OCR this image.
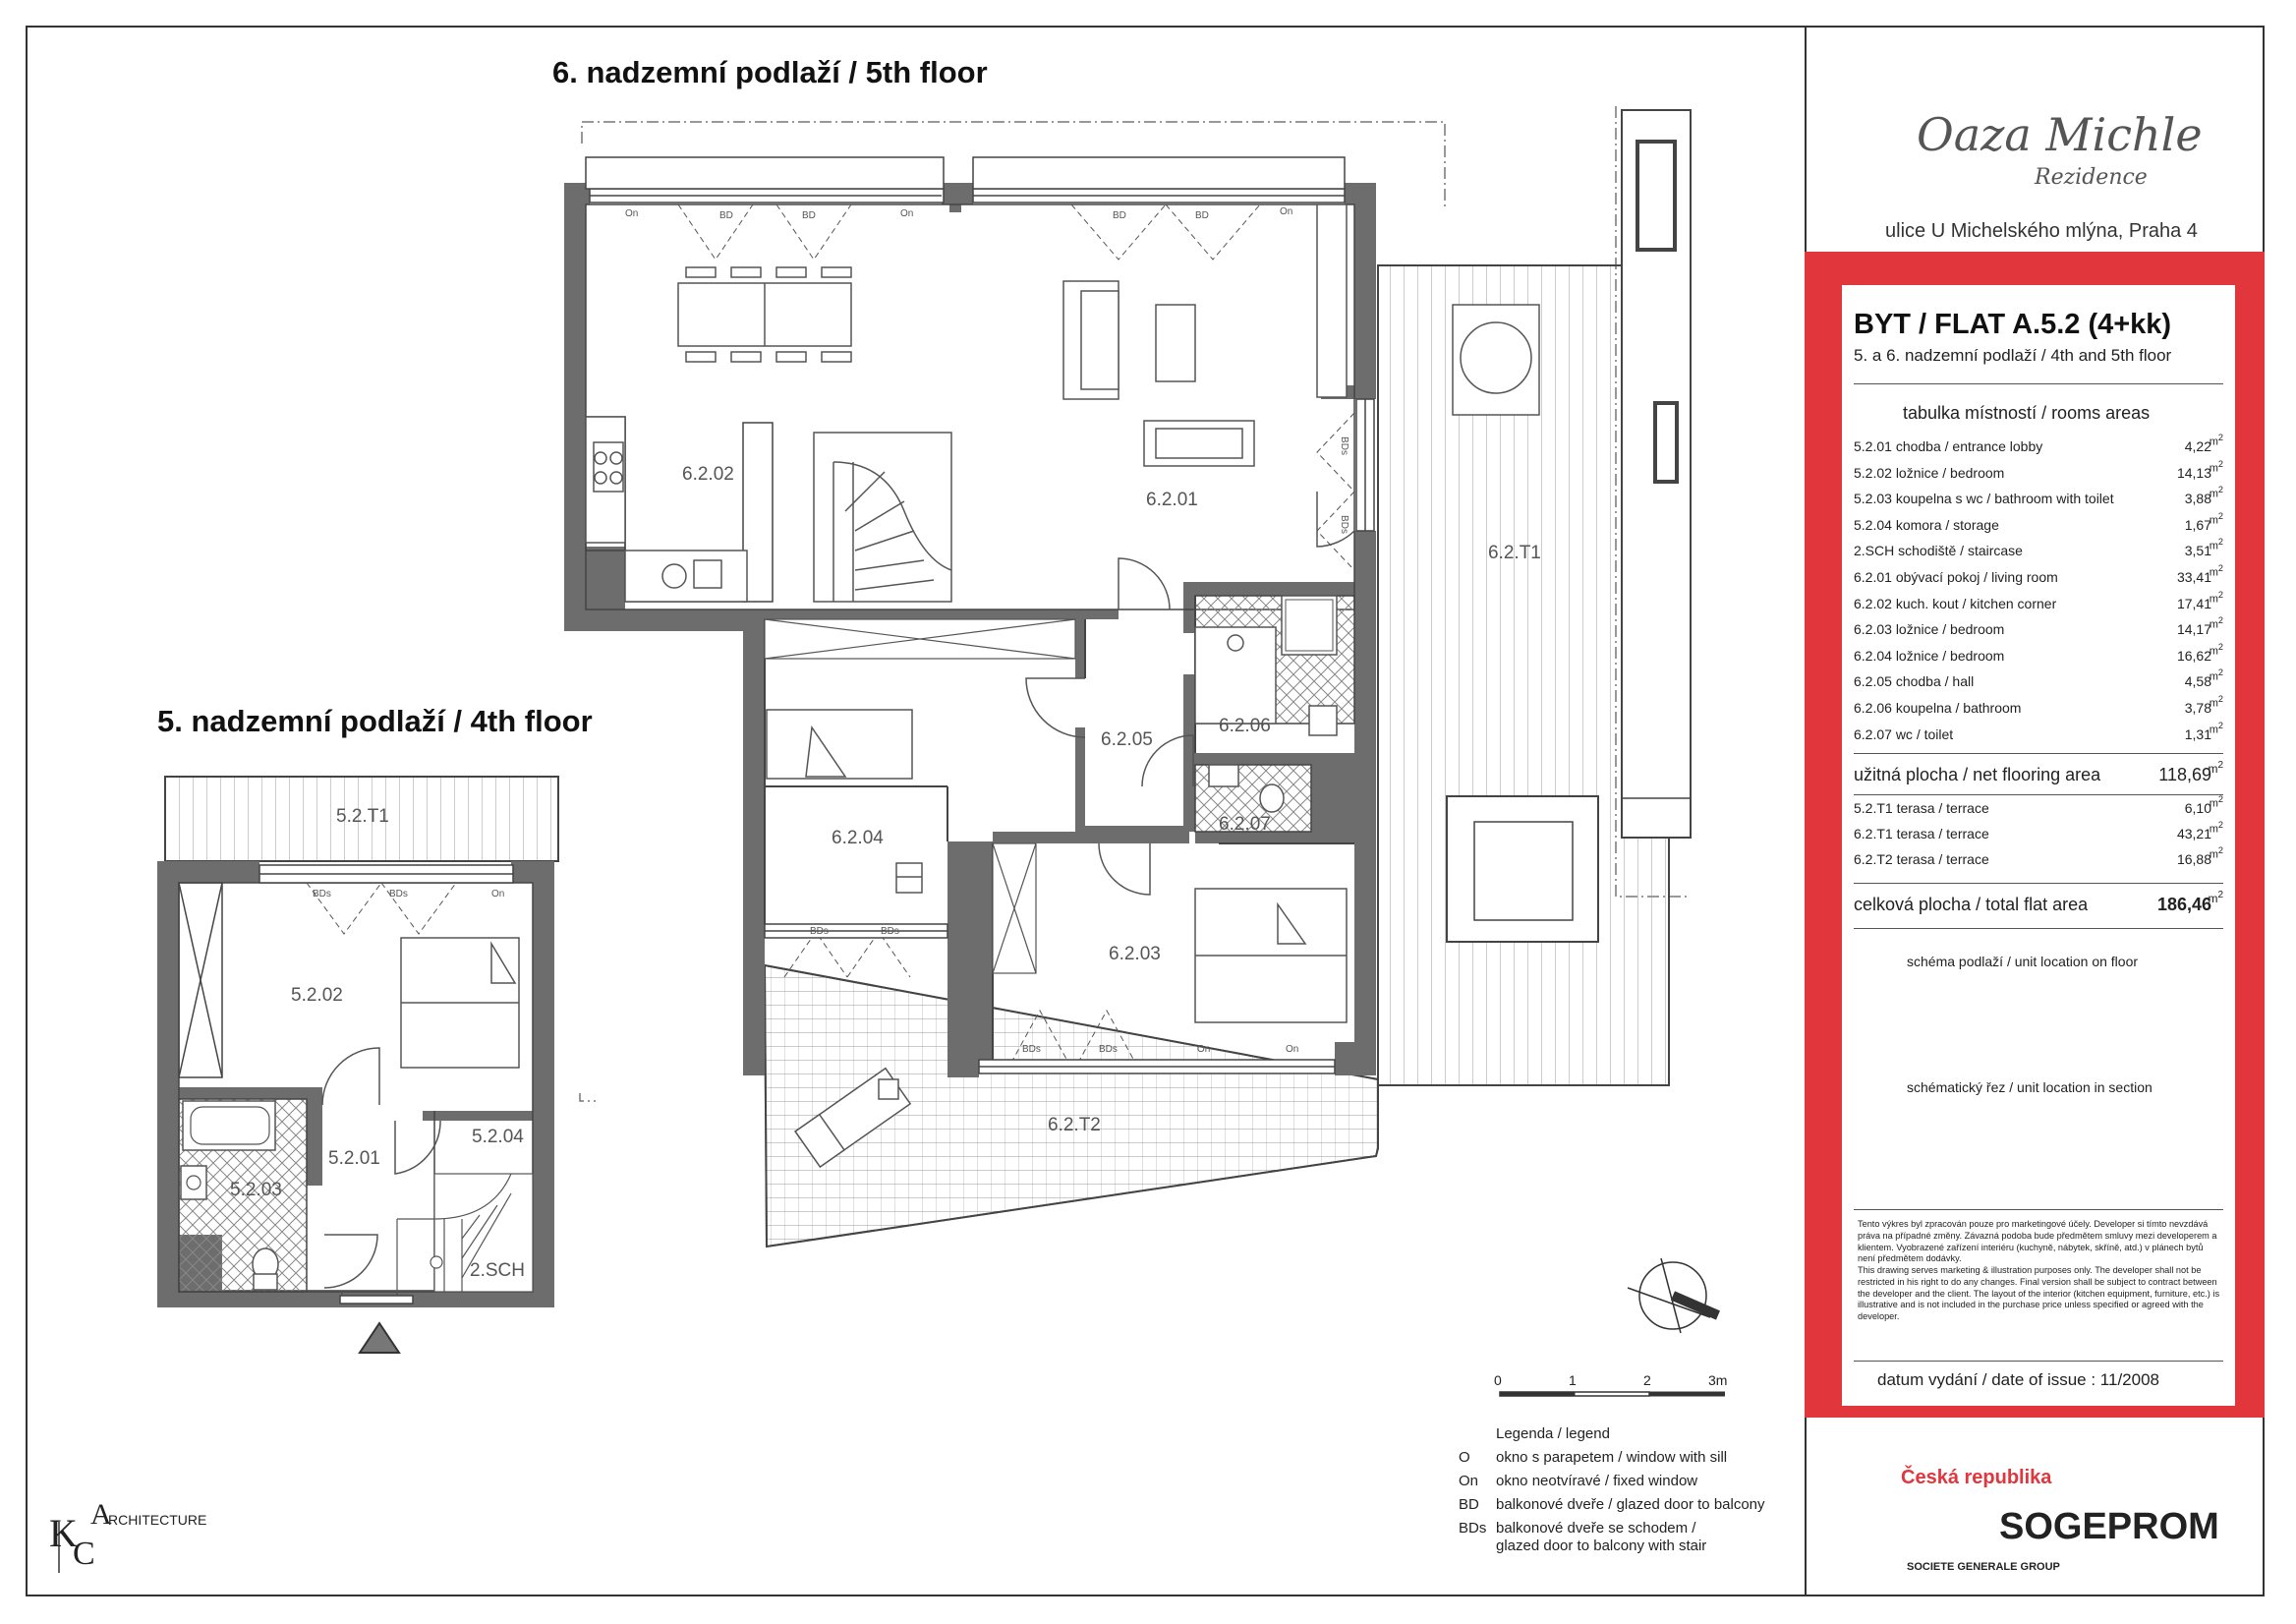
6. nadzemní podlaží / 5th floor
5. nadzemní podlaží / 4th floor
6.2.02
6.2.01
6.2.T1
6.2.05
6.2.06
6.2.04
6.2.07
6.2.03
6.2.T2
5.2.T1
5.2.02
5.2.01
5.2.04
5.2.03
2.SCH
On	BD	BD	On	BD	BD	On
BDs
BDs
BDs	BDs
BDs	BDs	On	On
BDs	BDs	On
Legenda / legend
O okno s parapetem / window with sill
On okno neotvíravé / fixed window
BD balkonové dveře / glazed door to balcony
BDs balkonové dveře se schodem /
glazed door to balcony with stair
0	1	2	3m
K
C
A
RCHITECTURE
Oaza Michle
Rezidence
ulice U Michelského mlýna, Praha 4
BYT / FLAT A.5.2 (4+kk)
5. a 6. nadzemní podlaží / 4th and 5th floor
tabulka místností / rooms areas
5.2.01 chodba / entrance lobby	4,22
$m^2$
5.2.02 ložnice / bedroom	14,13
$m^2$
5.2.03 koupelna s wc / bathroom with toilet	3,88
$m^2$
5.2.04 komora / storage	1,67
$m^2$
2.SCH schodiště / staircase	3,51
$m^2$
6.2.01 obývací pokoj / living room	33,41
$m^2$
6.2.02 kuch. kout / kitchen corner	17,41
$m^2$
6.2.03 ložnice / bedroom	14,17
$m^2$
6.2.04 ložnice / bedroom	16,62
$m^2$
6.2.05 chodba / hall	4,58
$m^2$
6.2.06 koupelna / bathroom	3,78
$m^2$
6.2.07 wc / toilet	1,31
$m^2$
užitná plocha / net flooring area	118,69
$m^2$
5.2.T1 terasa / terrace	6,10
$m^2$
6.2.T1 terasa / terrace	43,21
$m^2$
6.2.T2 terasa / terrace	16,88
$m^2$
celková plocha / total flat area	186,46
$m^2$
schéma podlaží / unit location on floor
schématický řez / unit location in section
Tento výkres byl zpracován pouze pro marketingové účely. Developer si tímto nevzdává práva na případné změny. Závazná podoba bude předmětem smluvy mezi developerem a klientem. Vyobrazené zařízení interiéru (kuchyně, nábytek, skříně, atd.) v plánech bytů není předmětem dodávky.
This drawing serves marketing & illustration purposes only. The developer shall not be restricted in his right to do any changes. Final version shall be subject to contract between the developer and the client. The layout of the interior (kitchen equipment, furniture, etc.) is illustrative and is not included in the purchase price unless specified or agreed with the developer.
datum vydání / date of issue : 11/2008
Česká republika
SOGEPROM
SOCIETE GENERALE GROUP
